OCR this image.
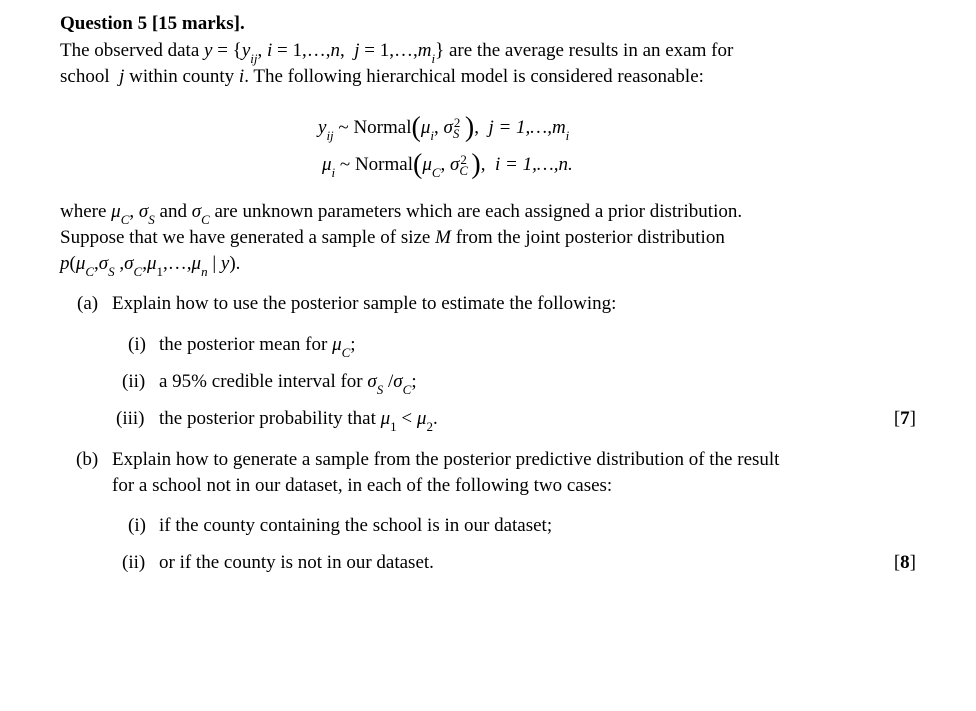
Question 5 [15 marks].
The observed data $y = \{y_{ij}$, i = 1,…,n,  $j = 1,\dots,m_i$} are the average results in an exam for
school j within county i. The following hierarchical model is considered reasonable:
$y_{ij}$ ~ $Normal(\mu_i$, σ 2
S ),  $j = 1,\dots,m_i$
$\mu_i$ ~ $Normal(\mu_C$, σ 2
C ),  i = 1,…,n.
where $\mu_C$, $\sigma_S$ and $\sigma_C$ are unknown parameters which are each assigned a prior distribution.
Suppose that we have generated a sample of size M from the joint posterior distribution
$p(\mu_C,\sigma_S$ $,\sigma_C,\mu_1,\dots,\mu_n$ | y).
(a) Explain how to use the posterior sample to estimate the following:
(i) the posterior mean for $\mu_C$;
(ii) a 95% credible interval for $\sigma_S$ $/\sigma_C$;
(iii) the posterior probability that $\mu_1 < \mu_2$.	[7]
(b) Explain how to generate a sample from the posterior predictive distribution of the result
for a school not in our dataset, in each of the following two cases:
(i) if the county containing the school is in our dataset;
(ii) or if the county is not in our dataset.	[8]
